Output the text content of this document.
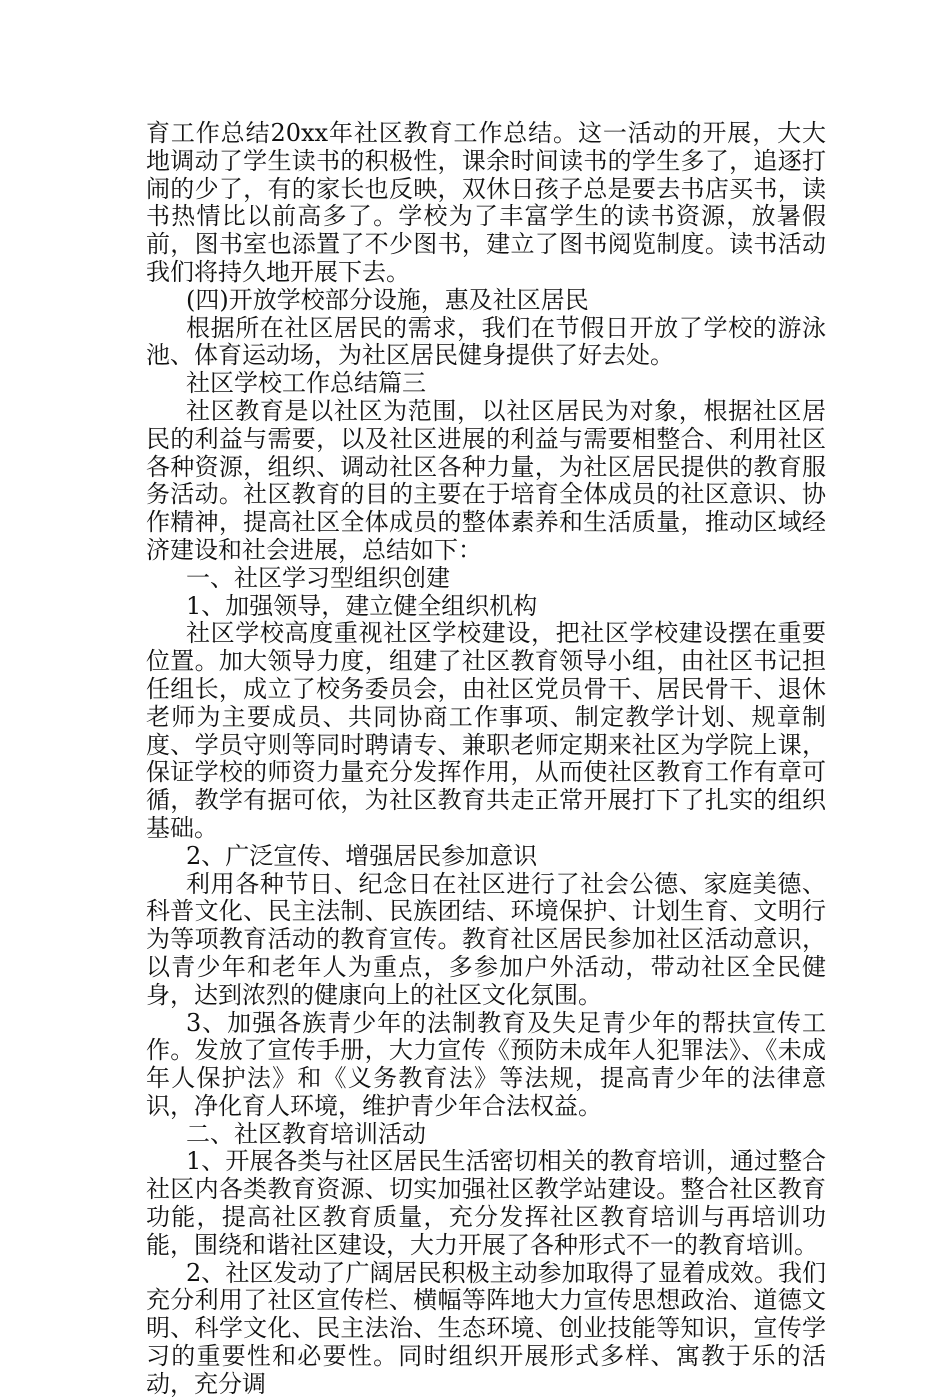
育工作总结20xx年社区教育工作总结。这一活动的开展，大大地调动了学生读书的积极性，课余时间读书的学生多了，追逐打闹的少了，有的家长也反映，双休日孩子总是要去书店买书，读书热情比以前高多了。学校为了丰富学生的读书资源，放暑假前，图书室也添置了不少图书，建立了图书阅览制度。读书活动我们将持久地开展下去。

(四)开放学校部分设施，惠及社区居民

根据所在社区居民的需求，我们在节假日开放了学校的游泳池、体育运动场，为社区居民健身提供了好去处。

社区学校工作总结篇三

社区教育是以社区为范围，以社区居民为对象，根据社区居民的利益与需要，以及社区进展的利益与需要相整合、利用社区各种资源，组织、调动社区各种力量，为社区居民提供的教育服务活动。社区教育的目的主要在于培育全体成员的社区意识、协作精神，提高社区全体成员的整体素养和生活质量，推动区域经济建设和社会进展，总结如下：

一、社区学习型组织创建

1、加强领导，建立健全组织机构

社区学校高度重视社区学校建设，把社区学校建设摆在重要位置。加大领导力度，组建了社区教育领导小组，由社区书记担任组长，成立了校务委员会，由社区党员骨干、居民骨干、退休老师为主要成员、共同协商工作事项、制定教学计划、规章制度、学员守则等同时聘请专、兼职老师定期来社区为学院上课，保证学校的师资力量充分发挥作用，从而使社区教育工作有章可循，教学有据可依，为社区教育共走正常开展打下了扎实的组织基础。

2、广泛宣传、增强居民参加意识

利用各种节日、纪念日在社区进行了社会公德、家庭美德、科普文化、民主法制、民族团结、环境保护、计划生育、文明行为等项教育活动的教育宣传。教育社区居民参加社区活动意识，以青少年和老年人为重点，多参加户外活动，带动社区全民健身，达到浓烈的健康向上的社区文化氛围。

3、加强各族青少年的法制教育及失足青少年的帮扶宣传工作。发放了宣传手册，大力宣传《预防未成年人犯罪法》、《未成年人保护法》和《义务教育法》等法规，提高青少年的法律意识，净化育人环境，维护青少年合法权益。

二、社区教育培训活动

1、开展各类与社区居民生活密切相关的教育培训，通过整合社区内各类教育资源、切实加强社区教学站建设。整合社区教育功能，提高社区教育质量，充分发挥社区教育培训与再培训功能，围绕和谐社区建设，大力开展了各种形式不一的教育培训。

2、社区发动了广阔居民积极主动参加取得了显着成效。我们充分利用了社区宣传栏、横幅等阵地大力宣传思想政治、道德文明、科学文化、民主法治、生态环境、创业技能等知识，宣传学习的重要性和必要性。同时组织开展形式多样、寓教于乐的活动，充分调
